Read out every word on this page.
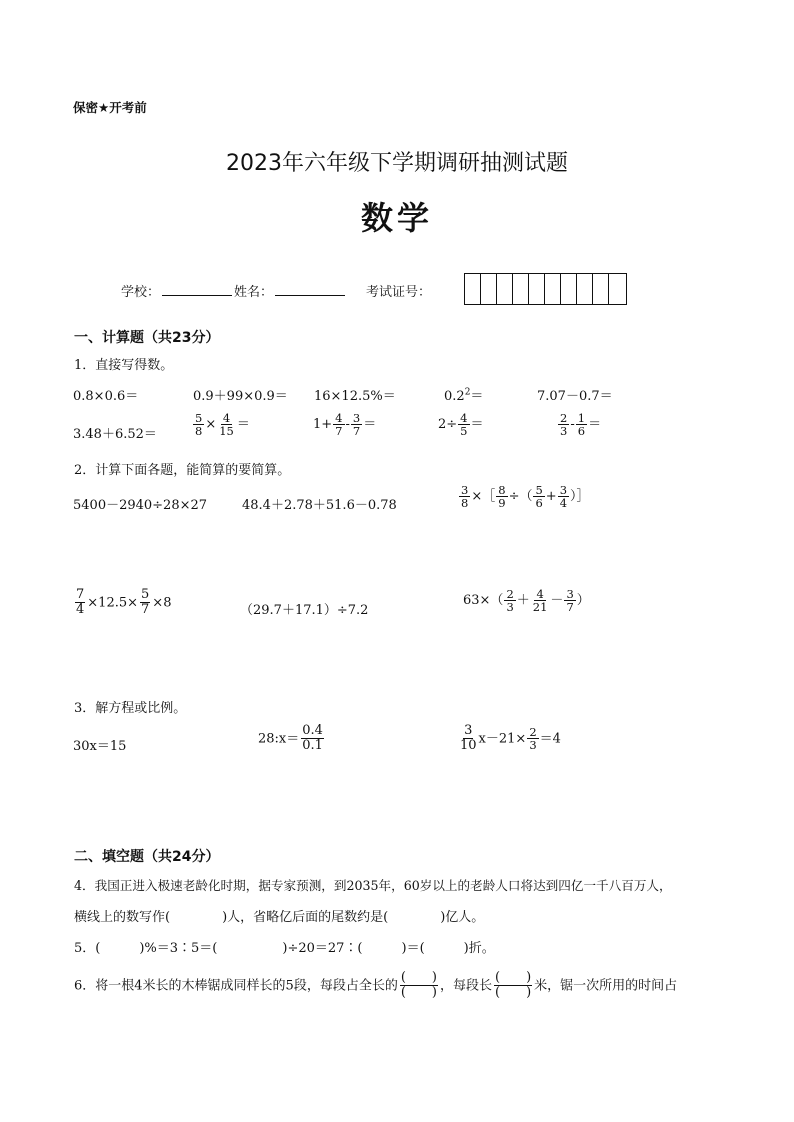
保密★开考前
2023年六年级下学期调研抽测试题
数学
学校：	姓名：	考试证号：
一、计算题（共23分）
1．直接写得数。
0.8×0.6＝	0.9＋99×0.9＝ 16×12.5%＝	$0.2^2=$	7.07－0.7＝
3.48＋6.52＝	$\frac{5}{8} \times \frac{4}{15}$ ＝	$1+ \frac{4}{7} - \frac{3}{7}$ ＝	$2\div \frac{4}{5}$ ＝	$\frac{2}{3} - \frac{1}{6}$ ＝
2．计算下面各题，能简算的要简算。
5400－2940÷28×27	48.4＋2.78＋51.6－0.78	$\frac{3}{8}$ ×［ $\frac{8}{9}$ ÷（ $\frac{5}{6} + \frac{3}{4}$ ）］
$\frac{7}{4} \times 12.5\times \frac{5}{7} \times 8$
（29.7＋17.1）÷7.2
$63\times( \frac{2}{3} + \frac{4}{21} - \frac{3}{7}$ ）
3．解方程或比例。
30x＝15
28:x＝ $\frac{0.4}{0.1}$	$\frac{3}{10} x-21\times \frac{2}{3} =4$
二、填空题（共24分）
4．我国正进入极速老龄化时期，据专家预测，到2035年，60岁以上的老龄人口将达到四亿一千八百万人，
横线上的数写作(　　　　)人，省略亿后面的尾数约是(　　　　)亿人。
5．(　　　)%＝3∶5＝(　　　　　)÷20＝27∶(　　　)＝(　　　)折。
6．将一根4米长的木棒锯成同样长的5段，每段占全长的 $\frac{( )}{( )}$ ，每段长 $\frac{( )}{( )}$ 米，锯一次所用的时间占
